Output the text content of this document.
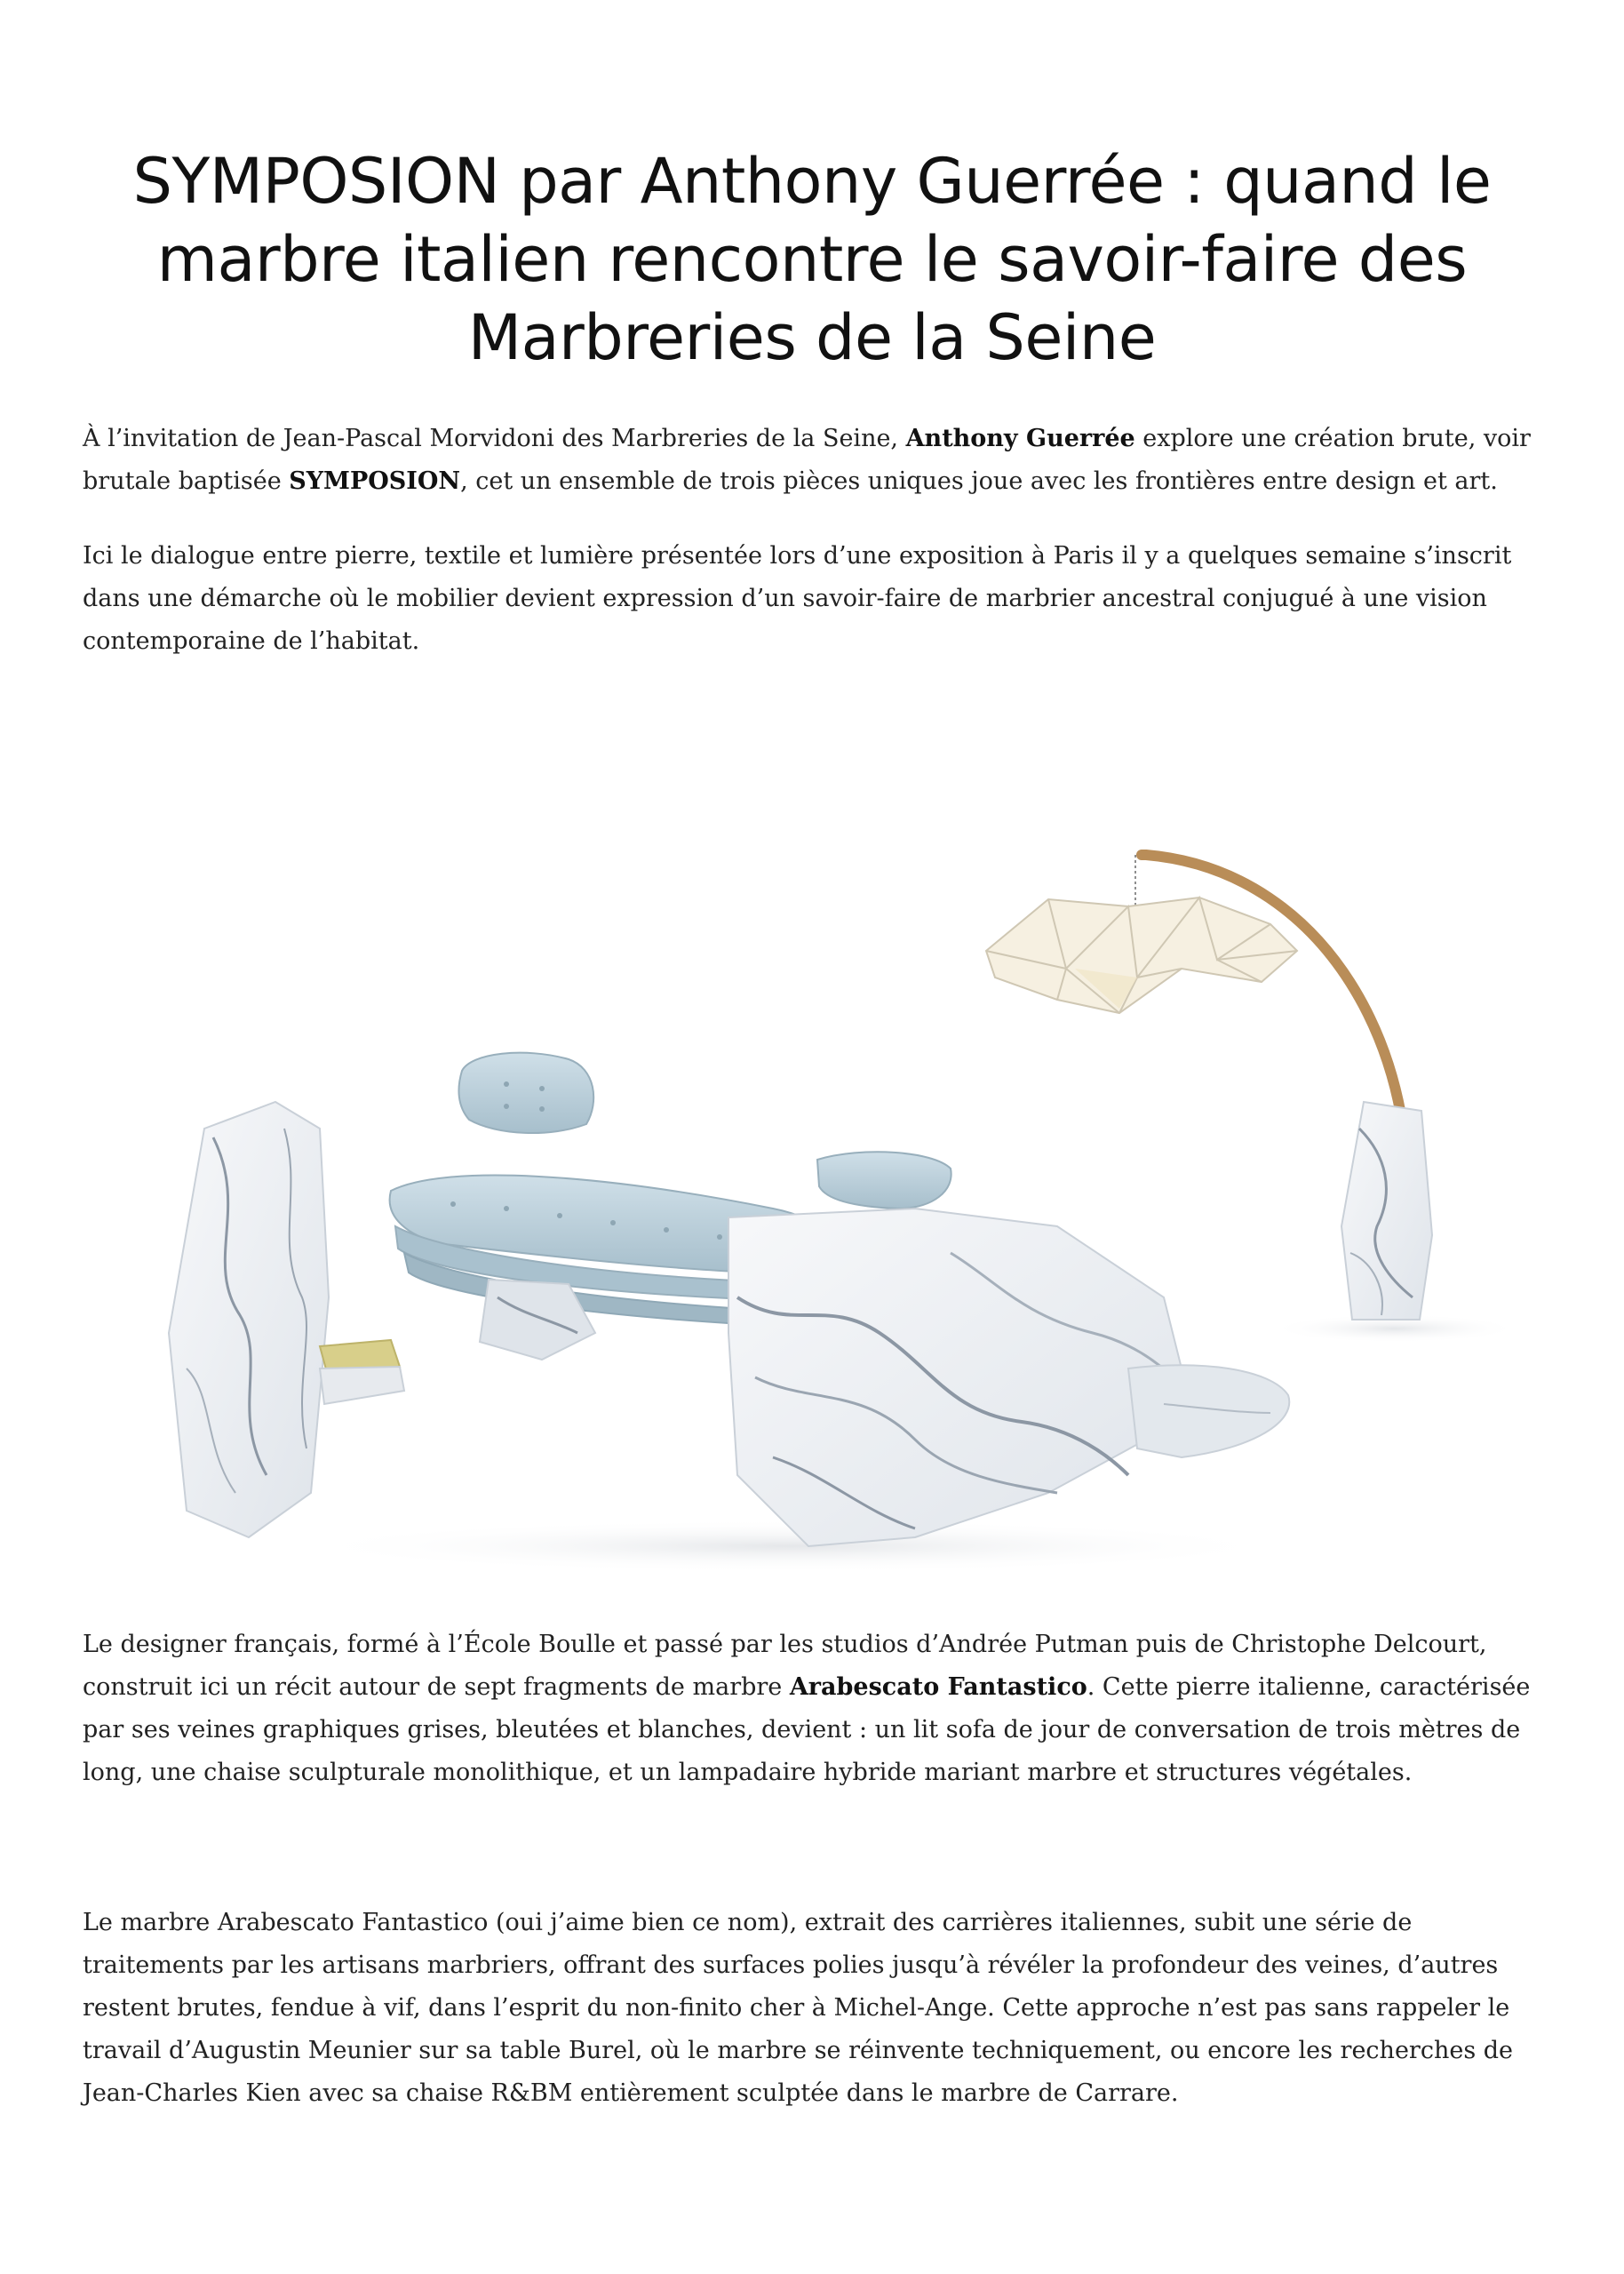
SYMPOSION par Anthony Guerrée : quand le marbre italien rencontre le savoir-faire des Marbreries de la Seine

À l’invitation de Jean-Pascal Morvidoni des Marbreries de la Seine, Anthony Guerrée explore une création brute, voir brutale baptisée SYMPOSION, cet un ensemble de trois pièces uniques joue avec les frontières entre design et art.

Ici le dialogue entre pierre, textile et lumière présentée lors d’une exposition à Paris il y a quelques semaine s’inscrit dans une démarche où le mobilier devient expression d’un savoir-faire de marbrier ancestral conjugué à une vision contemporaine de l’habitat.

Le designer français, formé à l’École Boulle et passé par les studios d’Andrée Putman puis de Christophe Delcourt, construit ici un récit autour de sept fragments de marbre Arabescato Fantastico. Cette pierre italienne, caractérisée par ses veines graphiques grises, bleutées et blanches, devient : un lit sofa de jour de conversation de trois mètres de long, une chaise sculpturale monolithique, et un lampadaire hybride mariant marbre et structures végétales.

Le marbre Arabescato Fantastico (oui j’aime bien ce nom), extrait des carrières italiennes, subit une série de traitements par les artisans marbriers, offrant des surfaces polies jusqu’à révéler la profondeur des veines, d’autres restent brutes, fendue à vif, dans l’esprit du non-finito cher à Michel-Ange. Cette approche n’est pas sans rappeler le travail d’Augustin Meunier sur sa table Burel, où le marbre se réinvente techniquement, ou encore les recherches de Jean-Charles Kien avec sa chaise R&BM entièrement sculptée dans le marbre de Carrare.
